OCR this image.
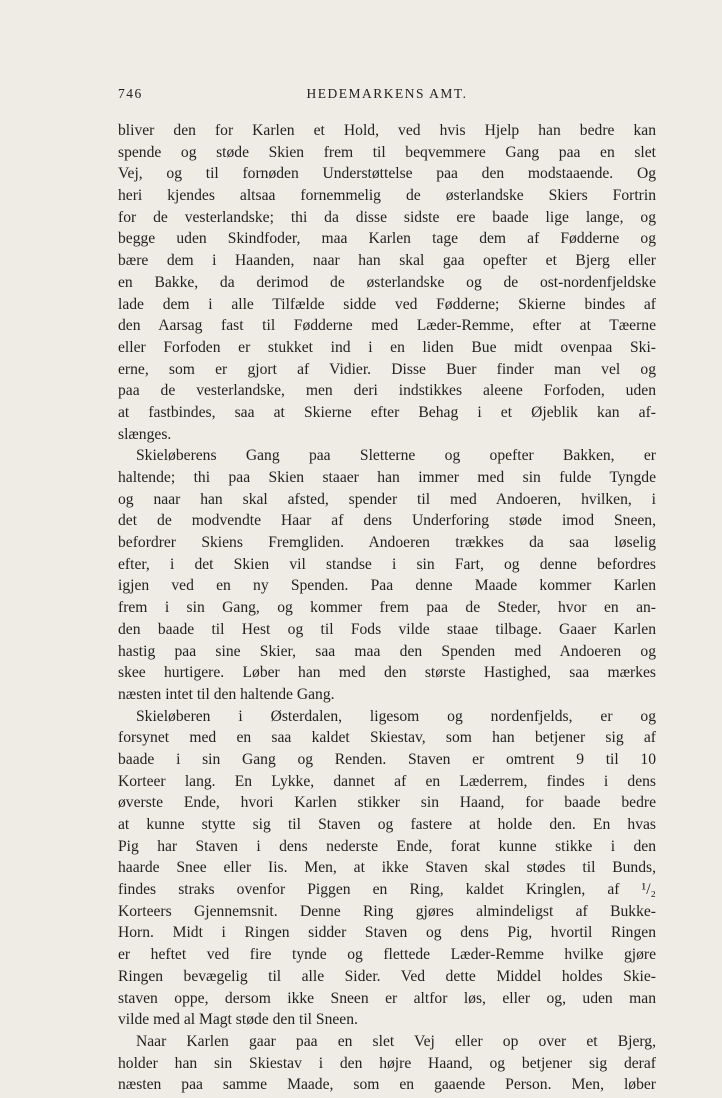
746	HEDEMARKENS AMT.
bliver den for Karlen et Hold, ved hvis Hjelp han bedre kan
spende og støde Skien frem til beqvemmere Gang paa en slet
Vej, og til fornøden Understøttelse paa den modstaaende. Og
heri kjendes altsaa fornemmelig de østerlandske Skiers Fortrin
for de vesterlandske; thi da disse sidste ere baade lige lange, og
begge uden Skindfoder, maa Karlen tage dem af Fødderne og
bære dem i Haanden, naar han skal gaa opefter et Bjerg eller
en Bakke, da derimod de østerlandske og de ost-nordenfjeldske
lade dem i alle Tilfælde sidde ved Fødderne; Skierne bindes af
den Aarsag fast til Fødderne med Læder-Remme, efter at Tæerne
eller Forfoden er stukket ind i en liden Bue midt ovenpaa Ski-
erne, som er gjort af Vidier. Disse Buer finder man vel og
paa de vesterlandske, men deri indstikkes aleene Forfoden, uden
at fastbindes, saa at Skierne efter Behag i et Øjeblik kan af-
slænges.
Skieløberens Gang paa Sletterne og opefter Bakken, er
haltende; thi paa Skien staaer han immer med sin fulde Tyngde
og naar han skal afsted, spender til med Andoeren, hvilken, i
det de modvendte Haar af dens Underforing støde imod Sneen,
befordrer Skiens Fremgliden. Andoeren trækkes da saa løselig
efter, i det Skien vil standse i sin Fart, og denne befordres
igjen ved en ny Spenden. Paa denne Maade kommer Karlen
frem i sin Gang, og kommer frem paa de Steder, hvor en an-
den baade til Hest og til Fods vilde staae tilbage. Gaaer Karlen
hastig paa sine Skier, saa maa den Spenden med Andoeren og
skee hurtigere. Løber han med den største Hastighed, saa mærkes
næsten intet til den haltende Gang.
Skieløberen i Østerdalen, ligesom og nordenfjelds, er og
forsynet med en saa kaldet Skiestav, som han betjener sig af
baade i sin Gang og Renden. Staven er omtrent 9 til 10
Korteer lang. En Lykke, dannet af en Læderrem, findes i dens
øverste Ende, hvori Karlen stikker sin Haand, for baade bedre
at kunne stytte sig til Staven og fastere at holde den. En hvas
Pig har Staven i dens nederste Ende, forat kunne stikke i den
haarde Snee eller Iis. Men, at ikke Staven skal stødes til Bunds,
findes straks ovenfor Piggen en Ring, kaldet Kringlen, af ¹/₂
Korteers Gjennemsnit. Denne Ring gjøres almindeligst af Bukke-
Horn. Midt i Ringen sidder Staven og dens Pig, hvortil Ringen
er heftet ved fire tynde og flettede Læder-Remme hvilke gjøre
Ringen bevægelig til alle Sider. Ved dette Middel holdes Skie-
staven oppe, dersom ikke Sneen er altfor løs, eller og, uden man
vilde med al Magt støde den til Sneen.
Naar Karlen gaar paa en slet Vej eller op over et Bjerg,
holder han sin Skiestav i den højre Haand, og betjener sig deraf
næsten paa samme Maade, som en gaaende Person. Men, løber
